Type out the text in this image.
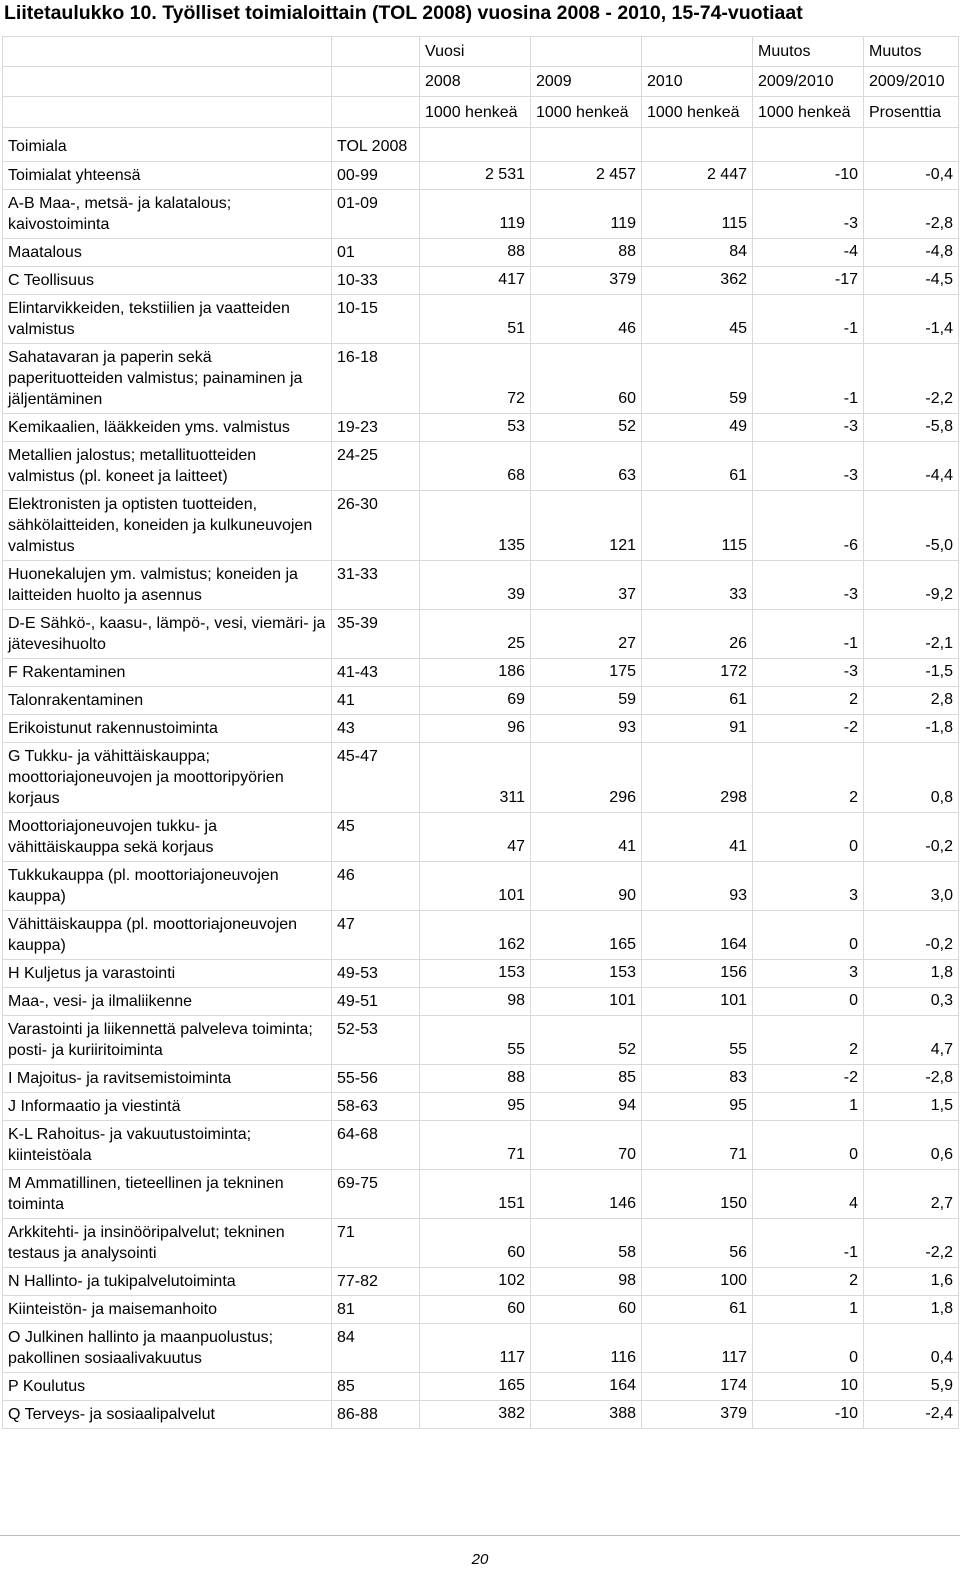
Liitetaulukko 10. Työlliset toimialoittain (TOL 2008) vuosina 2008 - 2010, 15-74-vuotiaat
		Vuosi			Muutos	Muutos
		2008	2009	2010	2009/2010	2009/2010
		1000 henkeä	1000 henkeä	1000 henkeä	1000 henkeä	Prosenttia
Toimiala	TOL 2008					
Toimialat yhteensä	00-99	2 531	2 457	2 447	-10	-0,4
A-B Maa-, metsä- ja kalatalous; kaivostoiminta	01-09	119	119	115	-3	-2,8
Maatalous	01	88	88	84	-4	-4,8
C Teollisuus	10-33	417	379	362	-17	-4,5
Elintarvikkeiden, tekstiilien ja vaatteiden valmistus	10-15	51	46	45	-1	-1,4
Sahatavaran ja paperin sekä paperituotteiden valmistus; painaminen ja jäljentäminen	16-18	72	60	59	-1	-2,2
Kemikaalien, lääkkeiden yms. valmistus	19-23	53	52	49	-3	-5,8
Metallien jalostus; metallituotteiden valmistus (pl. koneet ja laitteet)	24-25	68	63	61	-3	-4,4
Elektronisten ja optisten tuotteiden, sähkölaitteiden, koneiden ja kulkuneuvojen valmistus	26-30	135	121	115	-6	-5,0
Huonekalujen ym. valmistus; koneiden ja laitteiden huolto ja asennus	31-33	39	37	33	-3	-9,2
D-E Sähkö-, kaasu-, lämpö-, vesi, viemäri- ja jätevesihuolto	35-39	25	27	26	-1	-2,1
F Rakentaminen	41-43	186	175	172	-3	-1,5
Talonrakentaminen	41	69	59	61	2	2,8
Erikoistunut rakennustoiminta	43	96	93	91	-2	-1,8
G Tukku- ja vähittäiskauppa; moottoriajoneuvojen ja moottoripyörien korjaus	45-47	311	296	298	2	0,8
Moottoriajoneuvojen tukku- ja vähittäiskauppa sekä korjaus	45	47	41	41	0	-0,2
Tukkukauppa (pl. moottoriajoneuvojen kauppa)	46	101	90	93	3	3,0
Vähittäiskauppa (pl. moottoriajoneuvojen kauppa)	47	162	165	164	0	-0,2
H Kuljetus ja varastointi	49-53	153	153	156	3	1,8
Maa-, vesi- ja ilmaliikenne	49-51	98	101	101	0	0,3
Varastointi ja liikennettä palveleva toiminta; posti- ja kuriiritoiminta	52-53	55	52	55	2	4,7
I Majoitus- ja ravitsemistoiminta	55-56	88	85	83	-2	-2,8
J Informaatio ja viestintä	58-63	95	94	95	1	1,5
K-L Rahoitus- ja vakuutustoiminta; kiinteistöala	64-68	71	70	71	0	0,6
M Ammatillinen, tieteellinen ja tekninen toiminta	69-75	151	146	150	4	2,7
Arkkitehti- ja insinööripalvelut; tekninen testaus ja analysointi	71	60	58	56	-1	-2,2
N Hallinto- ja tukipalvelutoiminta	77-82	102	98	100	2	1,6
Kiinteistön- ja maisemanhoito	81	60	60	61	1	1,8
O Julkinen hallinto ja maanpuolustus; pakollinen sosiaalivakuutus	84	117	116	117	0	0,4
P Koulutus	85	165	164	174	10	5,9
Q Terveys- ja sosiaalipalvelut	86-88	382	388	379	-10	-2,4
20
